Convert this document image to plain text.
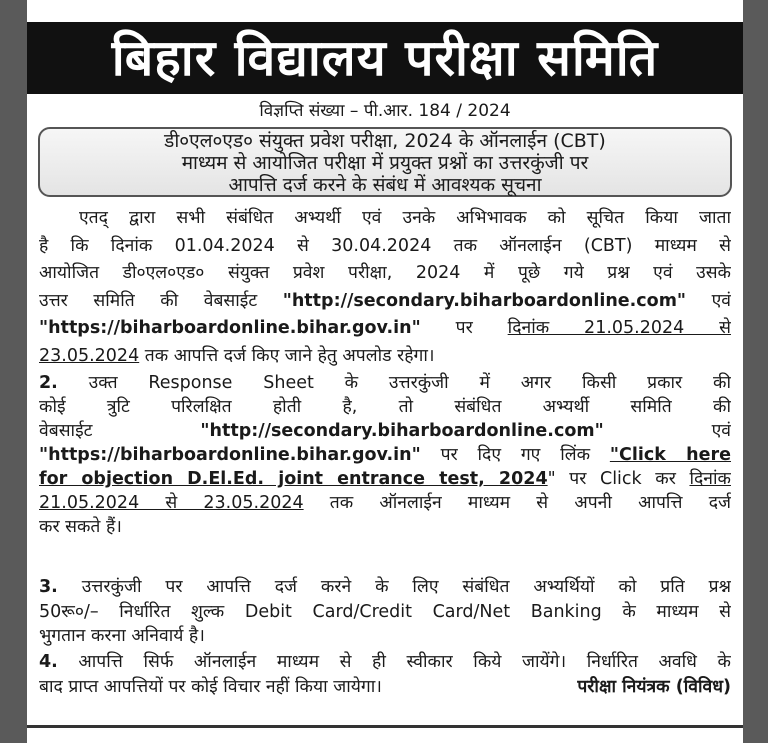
बिहार विद्यालय परीक्षा समिति
विज्ञप्ति संख्या – पी.आर. 184 / 2024
डी०एल०एड० संयुक्त प्रवेश परीक्षा, 2024 के ऑनलाईन (CBT)
माध्यम से आयोजित परीक्षा में प्रयुक्त प्रश्नों का उत्तरकुंजी पर
आपत्ति दर्ज करने के संबंध में आवश्यक सूचना
एतद् द्वारा सभी संबंधित अभ्यर्थी एवं उनके अभिभावक को सूचित किया जाता
है कि दिनांक 01.04.2024 से 30.04.2024 तक ऑनलाईन (CBT) माध्यम से
आयोजित डी०एल०एड० संयुक्त प्रवेश परीक्षा, 2024 में पूछे गये प्रश्न एवं उसके
उत्तर समिति की वेबसाईट "http://secondary.biharboardonline.com" एवं
"https://biharboardonline.bihar.gov.in" पर दिनांक 21.05.2024 से
23.05.2024 तक आपत्ति दर्ज किए जाने हेतु अपलोड रहेगा।
2. उक्त Response Sheet के उत्तरकुंजी में अगर किसी प्रकार की
कोई त्रुटि परिलक्षित होती है, तो संबंधित अभ्यर्थी समिति की
वेबसाईट "http://secondary.biharboardonline.com" एवं
"https://biharboardonline.bihar.gov.in" पर दिए गए लिंक "Click here
for objection D.El.Ed. joint entrance test, 2024" पर Click कर दिनांक
21.05.2024 से 23.05.2024 तक ऑनलाईन माध्यम से अपनी आपत्ति दर्ज
कर सकते हैं।
3. उत्तरकुंजी पर आपत्ति दर्ज करने के लिए संबंधित अभ्यर्थियों को प्रति प्रश्न
50रू०/– निर्धारित शुल्क Debit Card/Credit Card/Net Banking के माध्यम से
भुगतान करना अनिवार्य है।
4. आपत्ति सिर्फ ऑनलाईन माध्यम से ही स्वीकार किये जायेंगे। निर्धारित अवधि के
बाद प्राप्त आपत्तियों पर कोई विचार नहीं किया जायेगा।	परीक्षा नियंत्रक (विविध)
